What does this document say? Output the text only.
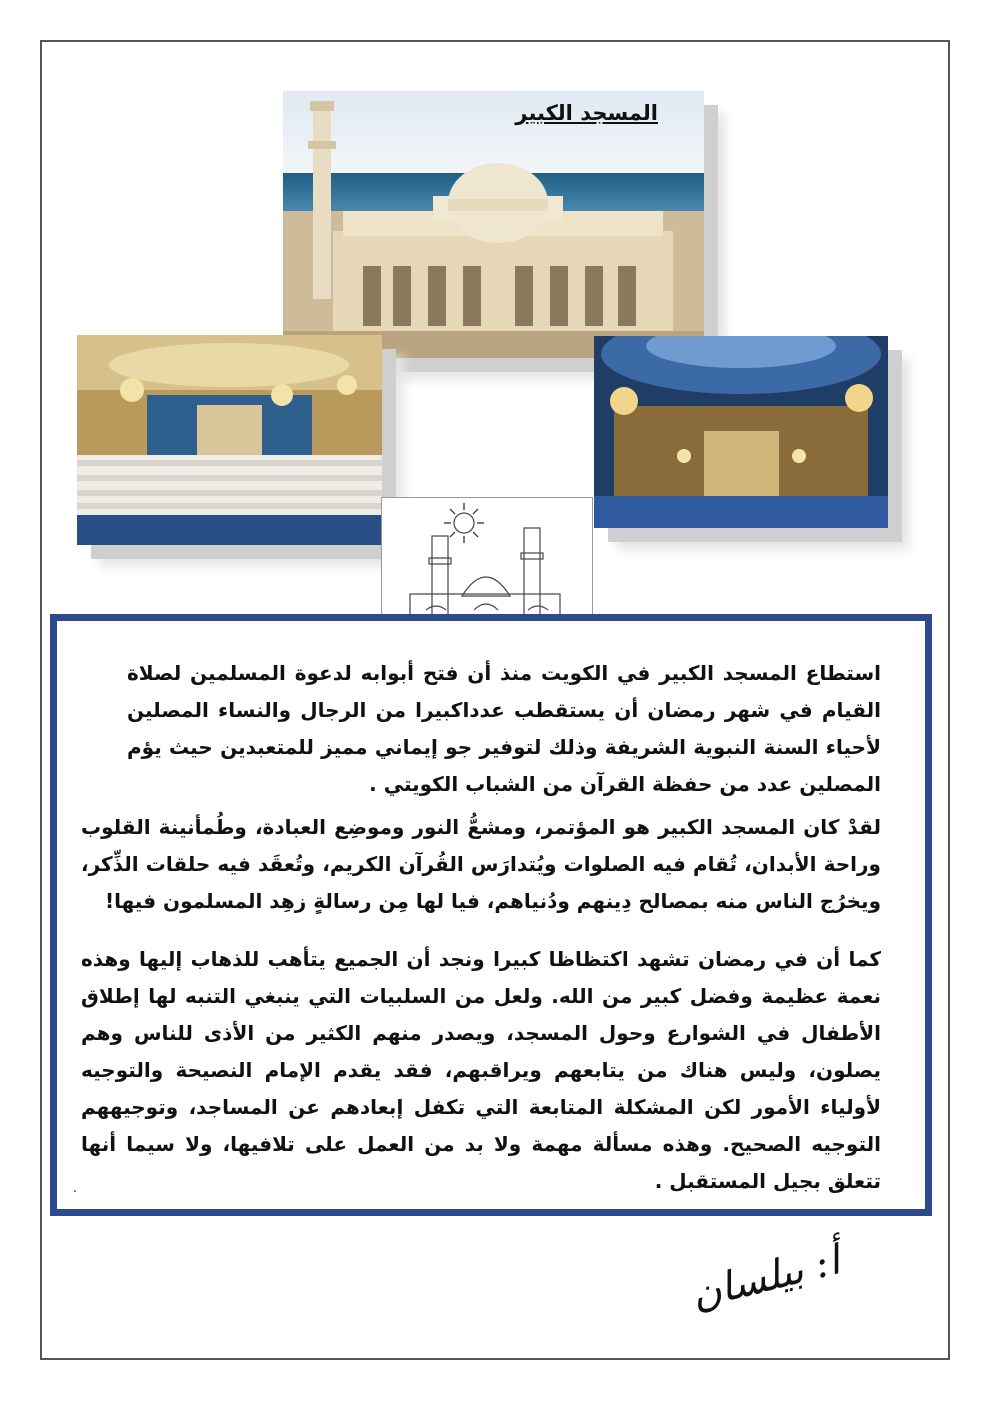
المسجد الكبير

استطاع المسجد الكبير في الكويت منذ أن فتح أبوابه لدعوة المسلمين لصلاة القيام في شهر رمضان أن يستقطب عدداكبيرا من الرجال والنساء المصلين لأحياء السنة النبوية الشريفة وذلك لتوفير جو إيماني مميز للمتعبدين حيث يؤم المصلين عدد من حفظة القرآن من الشباب الكويتي .

لقدْ كان المسجد الكبير هو المؤتمر، ومشعُّ النور وموضِع العبادة، وطُمأنينة القلوب وراحة الأبدان، تُقام فيه الصلوات ويُتدارَس القُرآن الكريم، وتُعقَد فيه حلقات الذِّكر، ويخرُج الناس منه بمصالح دِينهم ودُنياهم، فيا لها مِن رسالةٍ زهِد المسلمون فيها!

كما أن في رمضان تشهد اكتظاظا كبيرا ونجد أن الجميع يتأهب للذهاب إليها وهذه نعمة عظيمة وفضل كبير من الله. ولعل من السلبيات التي ينبغي التنبه لها إطلاق الأطفال في الشوارع وحول المسجد، ويصدر منهم الكثير من الأذى للناس وهم يصلون، وليس هناك من يتابعهم ويراقبهم، فقد يقدم الإمام النصيحة والتوجيه لأولياء الأمور لكن المشكلة المتابعة التي تكفل إبعادهم عن المساجد، وتوجيههم التوجيه الصحيح. وهذه مسألة مهمة ولا بد من العمل على تلافيها، ولا سيما أنها تتعلق بجيل المستقبل .

.
أ: بيلسان
